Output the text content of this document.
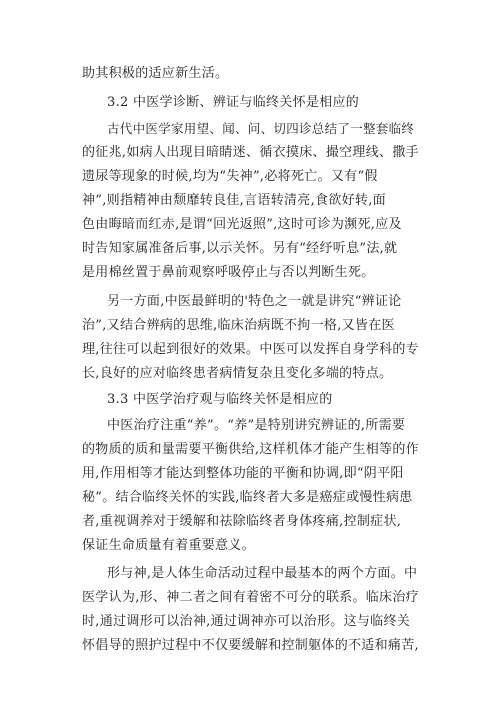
助其积极的适应新生活。
3.2 中医学诊断、辨证与临终关怀是相应的
古代中医学家用望、闻、问、切四诊总结了一整套临终
的征兆,如病人出现目暗睛迷、循衣摸床、撮空理线、撒手
遗尿等现象的时候,均为“失神”,必将死亡。又有“假
神”,则指精神由颓靡转良佳,言语转清亮,食欲好转,面
色由晦暗而红赤,是谓“回光返照”,这时可诊为濒死,应及
时告知家属准备后事,以示关怀。另有“经纾听息”法,就
是用棉丝置于鼻前观察呼吸停止与否以判断生死。
另一方面,中医最鲜明的'特色之一就是讲究“辨证论
治”,又结合辨病的思维,临床治病既不拘一格,又皆在医
理,往往可以起到很好的效果。中医可以发挥自身学科的专
长,良好的应对临终患者病情复杂且变化多端的特点。
3.3 中医学治疗观与临终关怀是相应的
中医治疗注重“养”。“养”是特别讲究辨证的,所需要
的物质的质和量需要平衡供给,这样机体才能产生相等的作
用,作用相等才能达到整体功能的平衡和协调,即“阴平阳
秘”。结合临终关怀的实践,临终者大多是癌症或慢性病患
者,重视调养对于缓解和祛除临终者身体疼痛,控制症状,
保证生命质量有着重要意义。
形与神,是人体生命活动过程中最基本的两个方面。中
医学认为,形、神二者之间有着密不可分的联系。临床治疗
时,通过调形可以治神,通过调神亦可以治形。这与临终关
怀倡导的照护过程中不仅要缓解和控制躯体的不适和痛苦,
